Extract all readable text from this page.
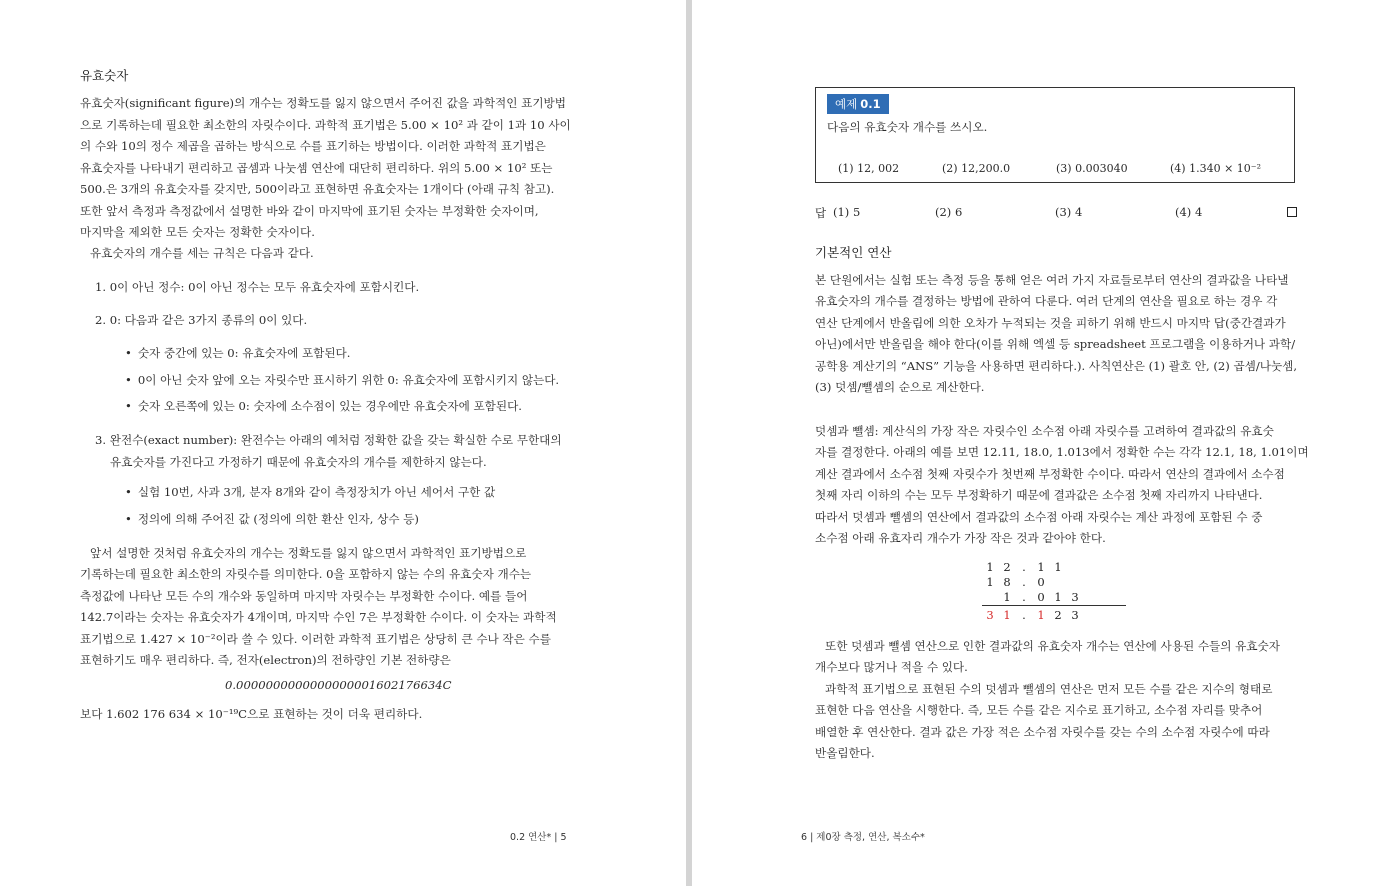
유효숫자
유효숫자(significant figure)의 개수는 정확도를 잃지 않으면서 주어진 값을 과학적인 표기방법
으로 기록하는데 필요한 최소한의 자릿수이다. 과학적 표기법은 5.00 × 10² 과 같이 1과 10 사이
의 수와 10의 정수 제곱을 곱하는 방식으로 수를 표기하는 방법이다. 이러한 과학적 표기법은
유효숫자를 나타내기 편리하고 곱셈과 나눗셈 연산에 대단히 편리하다. 위의 5.00 × 10² 또는
500.은 3개의 유효숫자를 갖지만, 500이라고 표현하면 유효숫자는 1개이다 (아래 규칙 참고).
또한 앞서 측정과 측정값에서 설명한 바와 같이 마지막에 표기된 숫자는 부정확한 숫자이며,
마지막을 제외한 모든 숫자는 정확한 숫자이다.
유효숫자의 개수를 세는 규칙은 다음과 같다.
1. 0이 아닌 정수: 0이 아닌 정수는 모두 유효숫자에 포함시킨다.
2. 0: 다음과 같은 3가지 종류의 0이 있다.
• 숫자 중간에 있는 0: 유효숫자에 포함된다.
• 0이 아닌 숫자 앞에 오는 자릿수만 표시하기 위한 0: 유효숫자에 포함시키지 않는다.
• 숫자 오른쪽에 있는 0: 숫자에 소수점이 있는 경우에만 유효숫자에 포함된다.
3. 완전수(exact number): 완전수는 아래의 예처럼 정확한 값을 갖는 확실한 수로 무한대의
유효숫자를 가진다고 가정하기 때문에 유효숫자의 개수를 제한하지 않는다.
• 실험 10번, 사과 3개, 분자 8개와 같이 측정장치가 아닌 세어서 구한 값
• 정의에 의해 주어진 값 (정의에 의한 환산 인자, 상수 등)
앞서 설명한 것처럼 유효숫자의 개수는 정확도를 잃지 않으면서 과학적인 표기방법으로
기록하는데 필요한 최소한의 자릿수를 의미한다. 0을 포함하지 않는 수의 유효숫자 개수는
측정값에 나타난 모든 수의 개수와 동일하며 마지막 자릿수는 부정확한 수이다. 예를 들어
142.7이라는 숫자는 유효숫자가 4개이며, 마지막 수인 7은 부정확한 수이다. 이 숫자는 과학적
표기법으로 1.427 × 10⁻²이라 쓸 수 있다. 이러한 과학적 표기법은 상당히 큰 수나 작은 수를
표현하기도 매우 편리하다. 즉, 전자(electron)의 전하량인 기본 전하량은
0.0000000000000000001602176634C
보다 1.602 176 634 × 10⁻¹⁹C으로 표현하는 것이 더욱 편리하다.
0.2 연산* | 5
예제 0.1
다음의 유효숫자 개수를 쓰시오.
(1) 12, 002	(2) 12,200.0	(3) 0.003040	(4) 1.340 × 10⁻²
답 (1) 5	(2) 6	(3) 4	(4) 4
기본적인 연산
본 단원에서는 실험 또는 측정 등을 통해 얻은 여러 가지 자료들로부터 연산의 결과값을 나타낼
유효숫자의 개수를 결정하는 방법에 관하여 다룬다. 여러 단계의 연산을 필요로 하는 경우 각
연산 단계에서 반올림에 의한 오차가 누적되는 것을 피하기 위해 반드시 마지막 답(중간결과가
아닌)에서만 반올림을 해야 한다(이를 위해 엑셀 등 spreadsheet 프로그램을 이용하거나 과학/
공학용 계산기의 “ANS” 기능을 사용하면 편리하다.). 사칙연산은 (1) 괄호 안, (2) 곱셈/나눗셈,
(3) 덧셈/뺄셈의 순으로 계산한다.
덧셈과 뺄셈: 계산식의 가장 작은 자릿수인 소수점 아래 자릿수를 고려하여 결과값의 유효숫
자를 결정한다. 아래의 예를 보면 12.11, 18.0, 1.013에서 정확한 수는 각각 12.1, 18, 1.01이며
계산 결과에서 소수점 첫째 자릿수가 첫번째 부정확한 수이다. 따라서 연산의 결과에서 소수점
첫째 자리 이하의 수는 모두 부정확하기 때문에 결과값은 소수점 첫째 자리까지 나타낸다.
따라서 덧셈과 뺄셈의 연산에서 결과값의 소수점 아래 자릿수는 계산 과정에 포함된 수 중
소수점 아래 유효자리 개수가 가장 작은 것과 같아야 한다.
1 2	.	1 1
1 8	.	0
1	.	0 1 3
3 1	.	1 2 3
또한 덧셈과 뺄셈 연산으로 인한 결과값의 유효숫자 개수는 연산에 사용된 수들의 유효숫자
개수보다 많거나 적을 수 있다.
과학적 표기법으로 표현된 수의 덧셈과 뺄셈의 연산은 먼저 모든 수를 같은 지수의 형태로
표현한 다음 연산을 시행한다. 즉, 모든 수를 같은 지수로 표기하고, 소수점 자리를 맞추어
배열한 후 연산한다. 결과 값은 가장 적은 소수점 자릿수를 갖는 수의 소수점 자릿수에 따라
반올림한다.
6 | 제0장 측정, 연산, 복소수*
